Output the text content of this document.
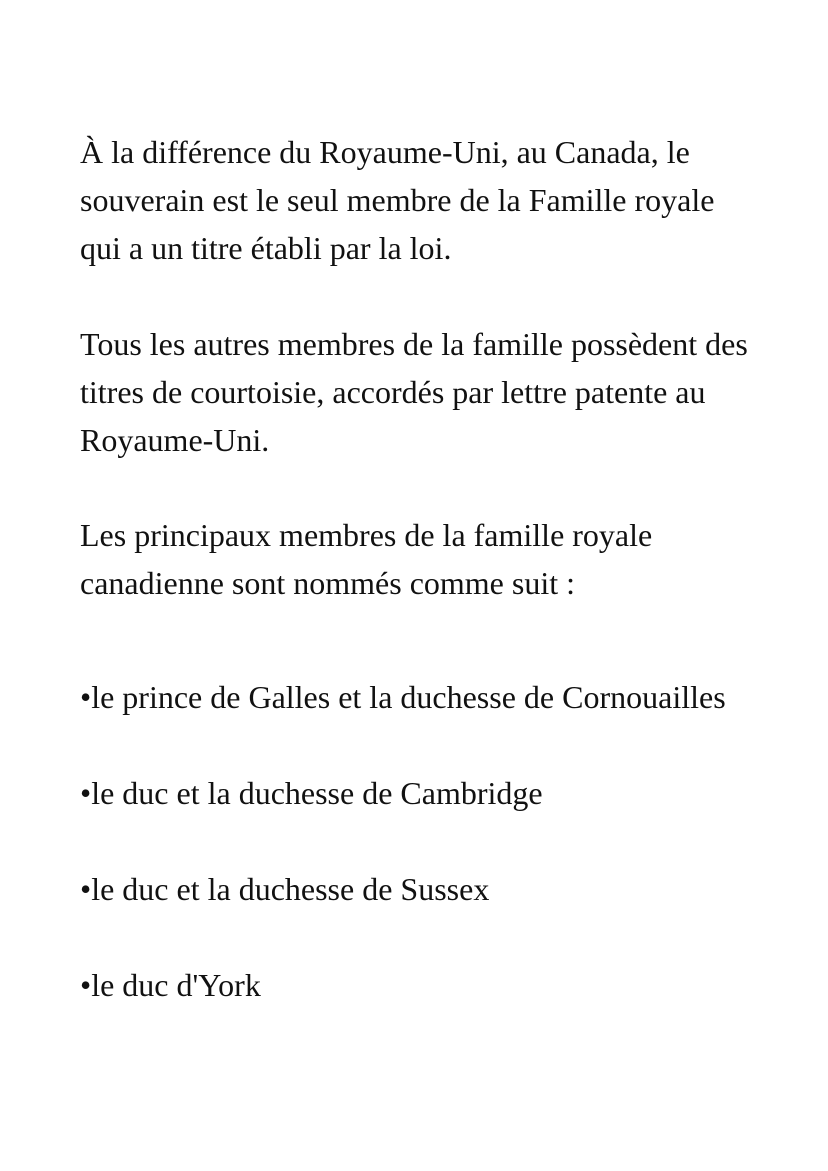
À la différence du Royaume-Uni, au Canada, le souverain est le seul membre de la Famille royale qui a un titre établi par la loi.

Tous les autres membres de la famille possèdent des titres de courtoisie, accordés par lettre patente au Royaume-Uni.

Les principaux membres de la famille royale canadienne sont nommés comme suit :

•le prince de Galles et la duchesse de Cornouailles
•le duc et la duchesse de Cambridge
•le duc et la duchesse de Sussex
•le duc d'York
